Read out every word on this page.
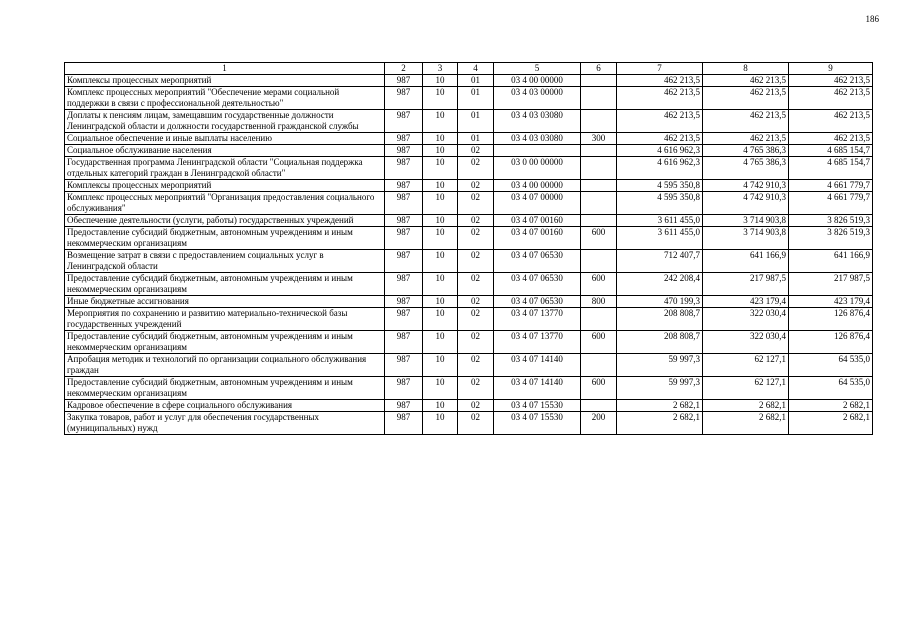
186
1	2	3	4	5	6	7	8	9
Комплексы процессных мероприятий	987	10	01	03 4 00 00000		462 213,5	462 213,5	462 213,5
Комплекс процессных мероприятий "Обеспечение мерами социальной поддержки в связи с профессиональной деятельностью"	987	10	01	03 4 03 00000		462 213,5	462 213,5	462 213,5
Доплаты к пенсиям лицам, замещавшим государственные должности Ленинградской области и должности государственной гражданской службы	987	10	01	03 4 03 03080		462 213,5	462 213,5	462 213,5
Социальное обеспечение и иные выплаты населению	987	10	01	03 4 03 03080	300	462 213,5	462 213,5	462 213,5
Социальное обслуживание населения	987	10	02			4 616 962,3	4 765 386,3	4 685 154,7
Государственная программа Ленинградской области "Социальная поддержка отдельных категорий граждан в Ленинградской области"	987	10	02	03 0 00 00000		4 616 962,3	4 765 386,3	4 685 154,7
Комплексы процессных мероприятий	987	10	02	03 4 00 00000		4 595 350,8	4 742 910,3	4 661 779,7
Комплекс процессных мероприятий "Организация предоставления социального обслуживания"	987	10	02	03 4 07 00000		4 595 350,8	4 742 910,3	4 661 779,7
Обеспечение деятельности (услуги, работы) государственных учреждений	987	10	02	03 4 07 00160		3 611 455,0	3 714 903,8	3 826 519,3
Предоставление субсидий бюджетным, автономным учреждениям и иным некоммерческим организациям	987	10	02	03 4 07 00160	600	3 611 455,0	3 714 903,8	3 826 519,3
Возмещение затрат в связи с предоставлением социальных услуг в Ленинградской области	987	10	02	03 4 07 06530		712 407,7	641 166,9	641 166,9
Предоставление субсидий бюджетным, автономным учреждениям и иным некоммерческим организациям	987	10	02	03 4 07 06530	600	242 208,4	217 987,5	217 987,5
Иные бюджетные ассигнования	987	10	02	03 4 07 06530	800	470 199,3	423 179,4	423 179,4
Мероприятия по сохранению и развитию материально-технической базы государственных учреждений	987	10	02	03 4 07 13770		208 808,7	322 030,4	126 876,4
Предоставление субсидий бюджетным, автономным учреждениям и иным некоммерческим организациям	987	10	02	03 4 07 13770	600	208 808,7	322 030,4	126 876,4
Апробация методик и технологий по организации социального обслуживания граждан	987	10	02	03 4 07 14140		59 997,3	62 127,1	64 535,0
Предоставление субсидий бюджетным, автономным учреждениям и иным некоммерческим организациям	987	10	02	03 4 07 14140	600	59 997,3	62 127,1	64 535,0
Кадровое обеспечение в сфере социального обслуживания	987	10	02	03 4 07 15530		2 682,1	2 682,1	2 682,1
Закупка товаров, работ и услуг для обеспечения государственных (муниципальных) нужд	987	10	02	03 4 07 15530	200	2 682,1	2 682,1	2 682,1
